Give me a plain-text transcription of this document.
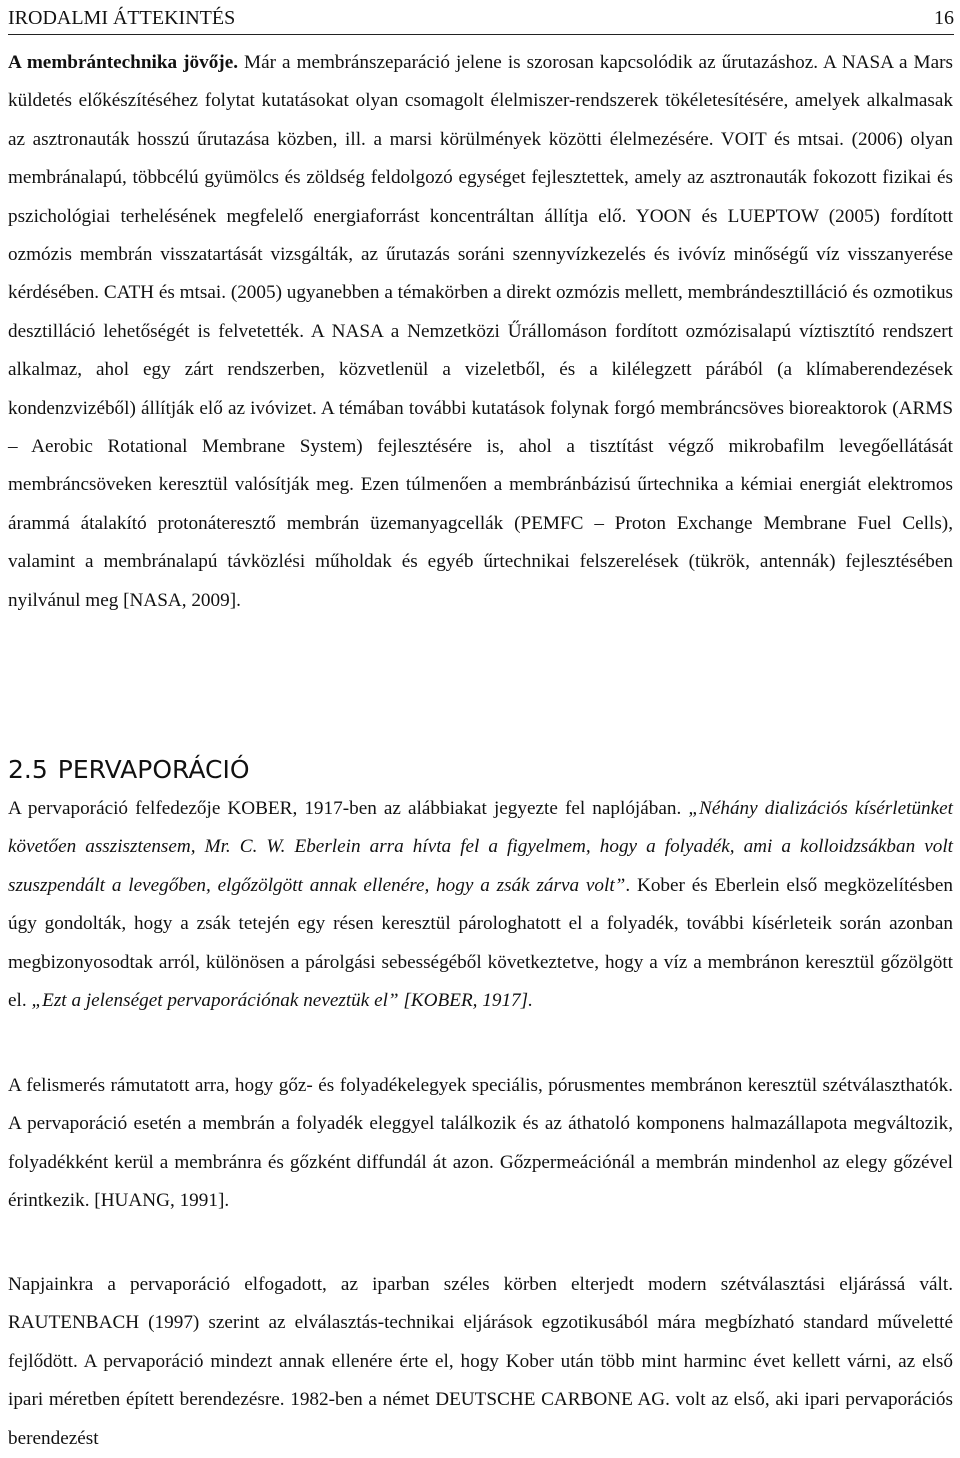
IRODALMI ÁTTEKINTÉS	16

A membrántechnika jövője. Már a membránszeparáció jelene is szorosan kapcsolódik az űrutazáshoz. A NASA a Mars küldetés előkészítéséhez folytat kutatásokat olyan csomagolt élelmiszer-rendszerek tökéletesítésére, amelyek alkalmasak az asztronauták hosszú űrutazása közben, ill. a marsi körülmények közötti élelmezésére. VOIT és mtsai. (2006) olyan membránalapú, többcélú gyümölcs és zöldség feldolgozó egységet fejlesztettek, amely az asztronauták fokozott fizikai és pszichológiai terhelésének megfelelő energiaforrást koncentráltan állítja elő. YOON és LUEPTOW (2005) fordított ozmózis membrán visszatartását vizsgálták, az űrutazás soráni szennyvízkezelés és ivóvíz minőségű víz visszanyerése kérdésében. CATH és mtsai. (2005) ugyanebben a témakörben a direkt ozmózis mellett, membrándesztilláció és ozmotikus desztilláció lehetőségét is felvetették. A NASA a Nemzetközi Űrállomáson fordított ozmózisalapú víztisztító rendszert alkalmaz, ahol egy zárt rendszerben, közvetlenül a vizeletből, és a kilélegzett párából (a klímaberendezések kondenzvizéből) állítják elő az ivóvizet. A témában további kutatások folynak forgó membráncsöves bioreaktorok (ARMS – Aerobic Rotational Membrane System) fejlesztésére is, ahol a tisztítást végző mikrobafilm levegőellátását membráncsöveken keresztül valósítják meg. Ezen túlmenően a membránbázisú űrtechnika a kémiai energiát elektromos árammá átalakító protonáteresztő membrán üzemanyagcellák (PEMFC – Proton Exchange Membrane Fuel Cells), valamint a membránalapú távközlési műholdak és egyéb űrtechnikai felszerelések (tükrök, antennák) fejlesztésében nyilvánul meg [NASA, 2009].

2.5 PERVAPORÁCIÓ

A pervaporáció felfedezője KOBER, 1917-ben az alábbiakat jegyezte fel naplójában. „Néhány dializációs kísérletünket követően asszisztensem, Mr. C. W. Eberlein arra hívta fel a figyelmem, hogy a folyadék, ami a kolloidzsákban volt szuszpendált a levegőben, elgőzölgött annak ellenére, hogy a zsák zárva volt”. Kober és Eberlein első megközelítésben úgy gondolták, hogy a zsák tetején egy résen keresztül párologhatott el a folyadék, további kísérleteik során azonban megbizonyosodtak arról, különösen a párolgási sebességéből következtetve, hogy a víz a membránon keresztül gőzölgött el. „Ezt a jelenséget pervaporációnak neveztük el” [KOBER, 1917].

A felismerés rámutatott arra, hogy gőz- és folyadékelegyek speciális, pórusmentes membránon keresztül szétválaszthatók. A pervaporáció esetén a membrán a folyadék eleggyel találkozik és az áthatoló komponens halmazállapota megváltozik, folyadékként kerül a membránra és gőzként diffundál át azon. Gőzpermeációnál a membrán mindenhol az elegy gőzével érintkezik. [HUANG, 1991].

Napjainkra a pervaporáció elfogadott, az iparban széles körben elterjedt modern szétválasztási eljárássá vált. RAUTENBACH (1997) szerint az elválasztás-technikai eljárások egzotikusából mára megbízható standard műveletté fejlődött. A pervaporáció mindezt annak ellenére érte el, hogy Kober után több mint harminc évet kellett várni, az első ipari méretben épített berendezésre. 1982-ben a német DEUTSCHE CARBONE AG. volt az első, aki ipari pervaporációs berendezést
